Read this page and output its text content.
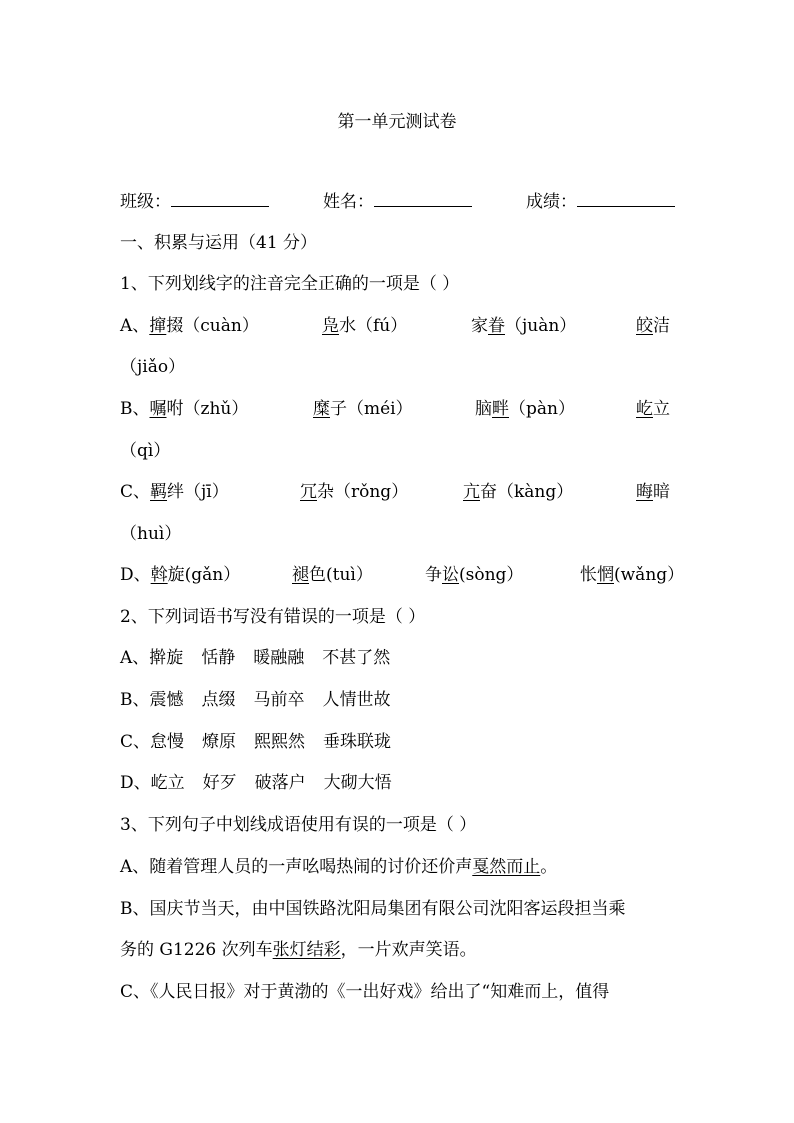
第一单元测试卷
班级：	姓名：	成绩：
一、积累与运用（41 分）
1、下列划线字的注音完全正确的一项是（ ）
A、撺掇（cuàn）	凫水（fú）	家眷（juàn）	皎洁
（jiǎo）
B、嘱咐（zhǔ）	糜子（méi）	脑畔（pàn）	屹立
（qì）
C、羁绊（jī）	冗杂（rǒng）	亢奋（kàng）	晦暗
（huì）
D、斡旋(gǎn）	褪色(tuì）	争讼(sòng）	怅惘(wǎng）
2、下列词语书写没有错误的一项是（ ）
A、擀旋 恬静 暖融融 不甚了然
B、震憾 点缀 马前卒 人情世故
C、怠慢 燎原 熙熙然 垂珠联珑
D、屹立 好歹 破落户 大砌大悟
3、下列句子中划线成语使用有误的一项是（ ）
A、随着管理人员的一声吆喝热闹的讨价还价声戛然而止。
B、国庆节当天，由中国铁路沈阳局集团有限公司沈阳客运段担当乘
务的 G1226 次列车张灯结彩，一片欢声笑语。
C、《人民日报》对于黄渤的《一出好戏》给出了“知难而上，值得
